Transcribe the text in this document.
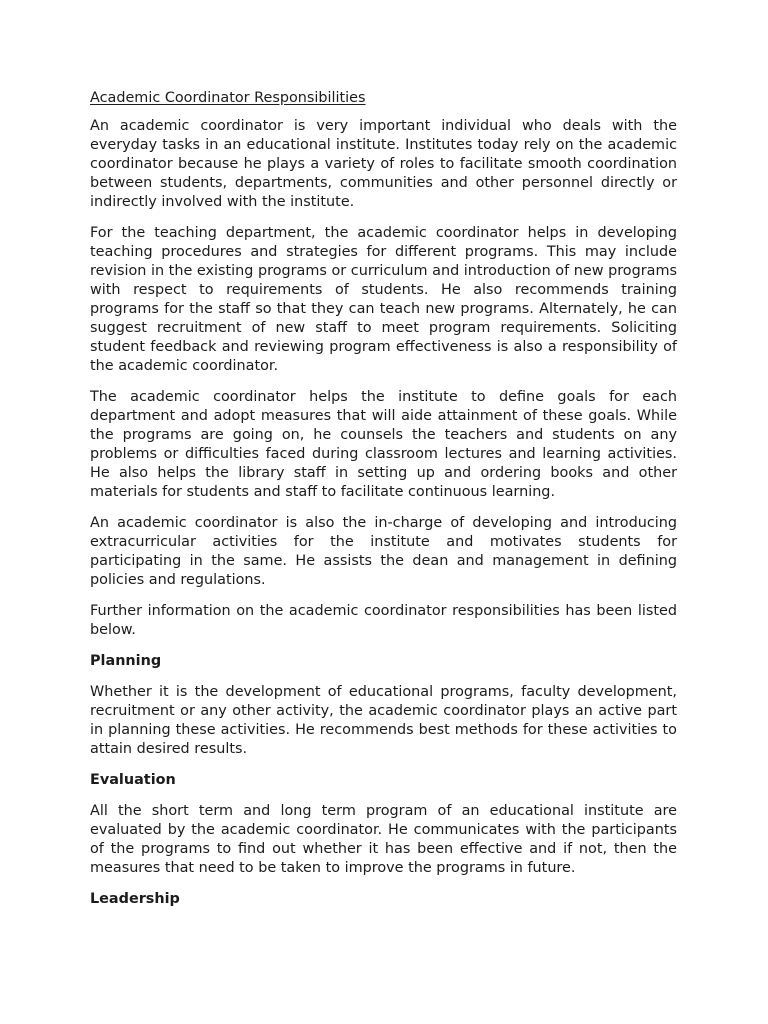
Academic Coordinator Responsibilities

An academic coordinator is very important individual who deals with the everyday tasks in an educational institute. Institutes today rely on the academic coordinator because he plays a variety of roles to facilitate smooth coordination between students, departments, communities and other personnel directly or indirectly involved with the institute.

For the teaching department, the academic coordinator helps in developing teaching procedures and strategies for different programs. This may include revision in the existing programs or curriculum and introduction of new programs with respect to requirements of students. He also recommends training programs for the staff so that they can teach new programs. Alternately, he can suggest recruitment of new staff to meet program requirements. Soliciting student feedback and reviewing program effectiveness is also a responsibility of the academic coordinator.

The academic coordinator helps the institute to define goals for each department and adopt measures that will aide attainment of these goals. While the programs are going on, he counsels the teachers and students on any problems or difficulties faced during classroom lectures and learning activities. He also helps the library staff in setting up and ordering books and other materials for students and staff to facilitate continuous learning.

An academic coordinator is also the in-charge of developing and introducing extracurricular activities for the institute and motivates students for participating in the same. He assists the dean and management in defining policies and regulations.

Further information on the academic coordinator responsibilities has been listed below.

Planning

Whether it is the development of educational programs, faculty development, recruitment or any other activity, the academic coordinator plays an active part in planning these activities. He recommends best methods for these activities to attain desired results.

Evaluation

All the short term and long term program of an educational institute are evaluated by the academic coordinator. He communicates with the participants of the programs to find out whether it has been effective and if not, then the measures that need to be taken to improve the programs in future.

Leadership
